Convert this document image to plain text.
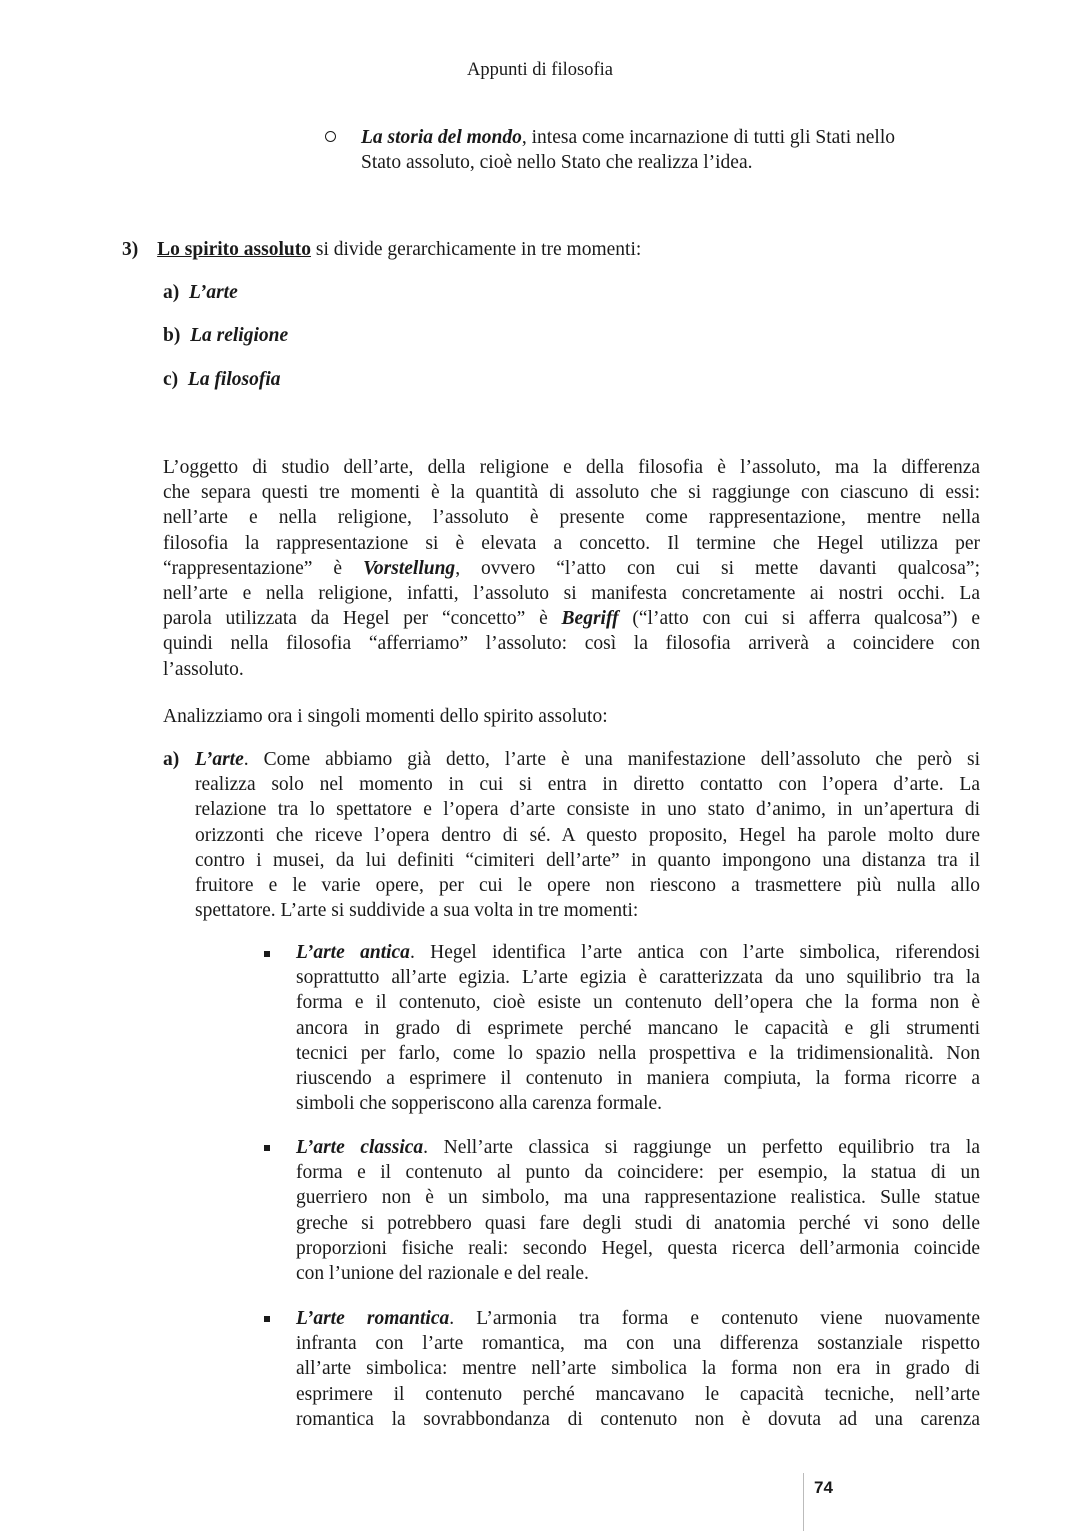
Appunti di filosofia
La storia del mondo, intesa come incarnazione di tutti gli Stati nello
Stato assoluto, cioè nello Stato che realizza l’idea.
3) Lo spirito assoluto si divide gerarchicamente in tre momenti:
a) L’arte
b) La religione
c) La filosofia
L’oggetto di studio dell’arte, della religione e della filosofia è l’assoluto, ma la differenza
che separa questi tre momenti è la quantità di assoluto che si raggiunge con ciascuno di essi:
nell’arte e nella religione, l’assoluto è presente come rappresentazione, mentre nella
filosofia la rappresentazione si è elevata a concetto. Il termine che Hegel utilizza per
“rappresentazione” è Vorstellung, ovvero “l’atto con cui si mette davanti qualcosa”;
nell’arte e nella religione, infatti, l’assoluto si manifesta concretamente ai nostri occhi. La
parola utilizzata da Hegel per “concetto” è Begriff (“l’atto con cui si afferra qualcosa”) e
quindi nella filosofia “afferriamo” l’assoluto: così la filosofia arriverà a coincidere con
l’assoluto.
Analizziamo ora i singoli momenti dello spirito assoluto:
a) L’arte. Come abbiamo già detto, l’arte è una manifestazione dell’assoluto che però si
realizza solo nel momento in cui si entra in diretto contatto con l’opera d’arte. La
relazione tra lo spettatore e l’opera d’arte consiste in uno stato d’animo, in un’apertura di
orizzonti che riceve l’opera dentro di sé. A questo proposito, Hegel ha parole molto dure
contro i musei, da lui definiti “cimiteri dell’arte” in quanto impongono una distanza tra il
fruitore e le varie opere, per cui le opere non riescono a trasmettere più nulla allo
spettatore. L’arte si suddivide a sua volta in tre momenti:
L’arte antica. Hegel identifica l’arte antica con l’arte simbolica, riferendosi
soprattutto all’arte egizia. L’arte egizia è caratterizzata da uno squilibrio tra la
forma e il contenuto, cioè esiste un contenuto dell’opera che la forma non è
ancora in grado di esprimete perché mancano le capacità e gli strumenti
tecnici per farlo, come lo spazio nella prospettiva e la tridimensionalità. Non
riuscendo a esprimere il contenuto in maniera compiuta, la forma ricorre a
simboli che sopperiscono alla carenza formale.
L’arte classica. Nell’arte classica si raggiunge un perfetto equilibrio tra la
forma e il contenuto al punto da coincidere: per esempio, la statua di un
guerriero non è un simbolo, ma una rappresentazione realistica. Sulle statue
greche si potrebbero quasi fare degli studi di anatomia perché vi sono delle
proporzioni fisiche reali: secondo Hegel, questa ricerca dell’armonia coincide
con l’unione del razionale e del reale.
L’arte romantica. L’armonia tra forma e contenuto viene nuovamente
infranta con l’arte romantica, ma con una differenza sostanziale rispetto
all’arte simbolica: mentre nell’arte simbolica la forma non era in grado di
esprimere il contenuto perché mancavano le capacità tecniche, nell’arte
romantica la sovrabbondanza di contenuto non è dovuta ad una carenza
74
